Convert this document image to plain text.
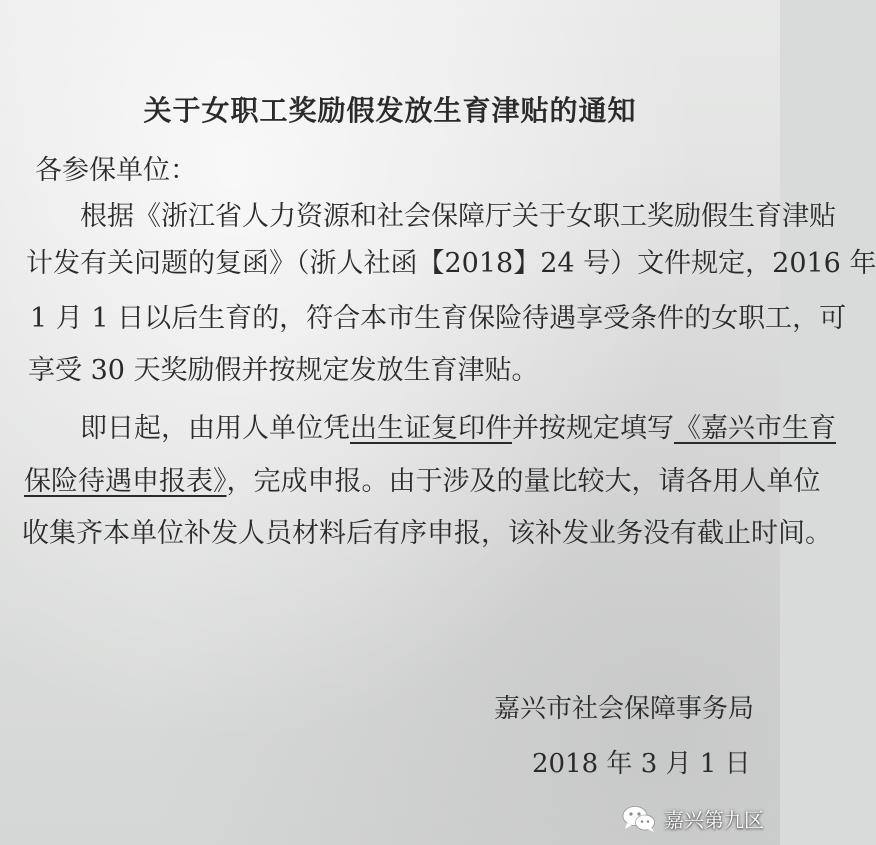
关于女职工奖励假发放生育津贴的通知
各参保单位：
根据《浙江省人力资源和社会保障厅关于女职工奖励假生育津贴
计发有关问题的复函》（浙人社函【2018】24 号）文件规定，2016 年
1 月 1 日以后生育的，符合本市生育保险待遇享受条件的女职工，可
享受 30 天奖励假并按规定发放生育津贴。
即日起，由用人单位凭出生证复印件并按规定填写《嘉兴市生育
保险待遇申报表》，完成申报。由于涉及的量比较大，请各用人单位
收集齐本单位补发人员材料后有序申报，该补发业务没有截止时间。
嘉兴市社会保障事务局
2018 年 3 月 1 日
嘉兴第九区
